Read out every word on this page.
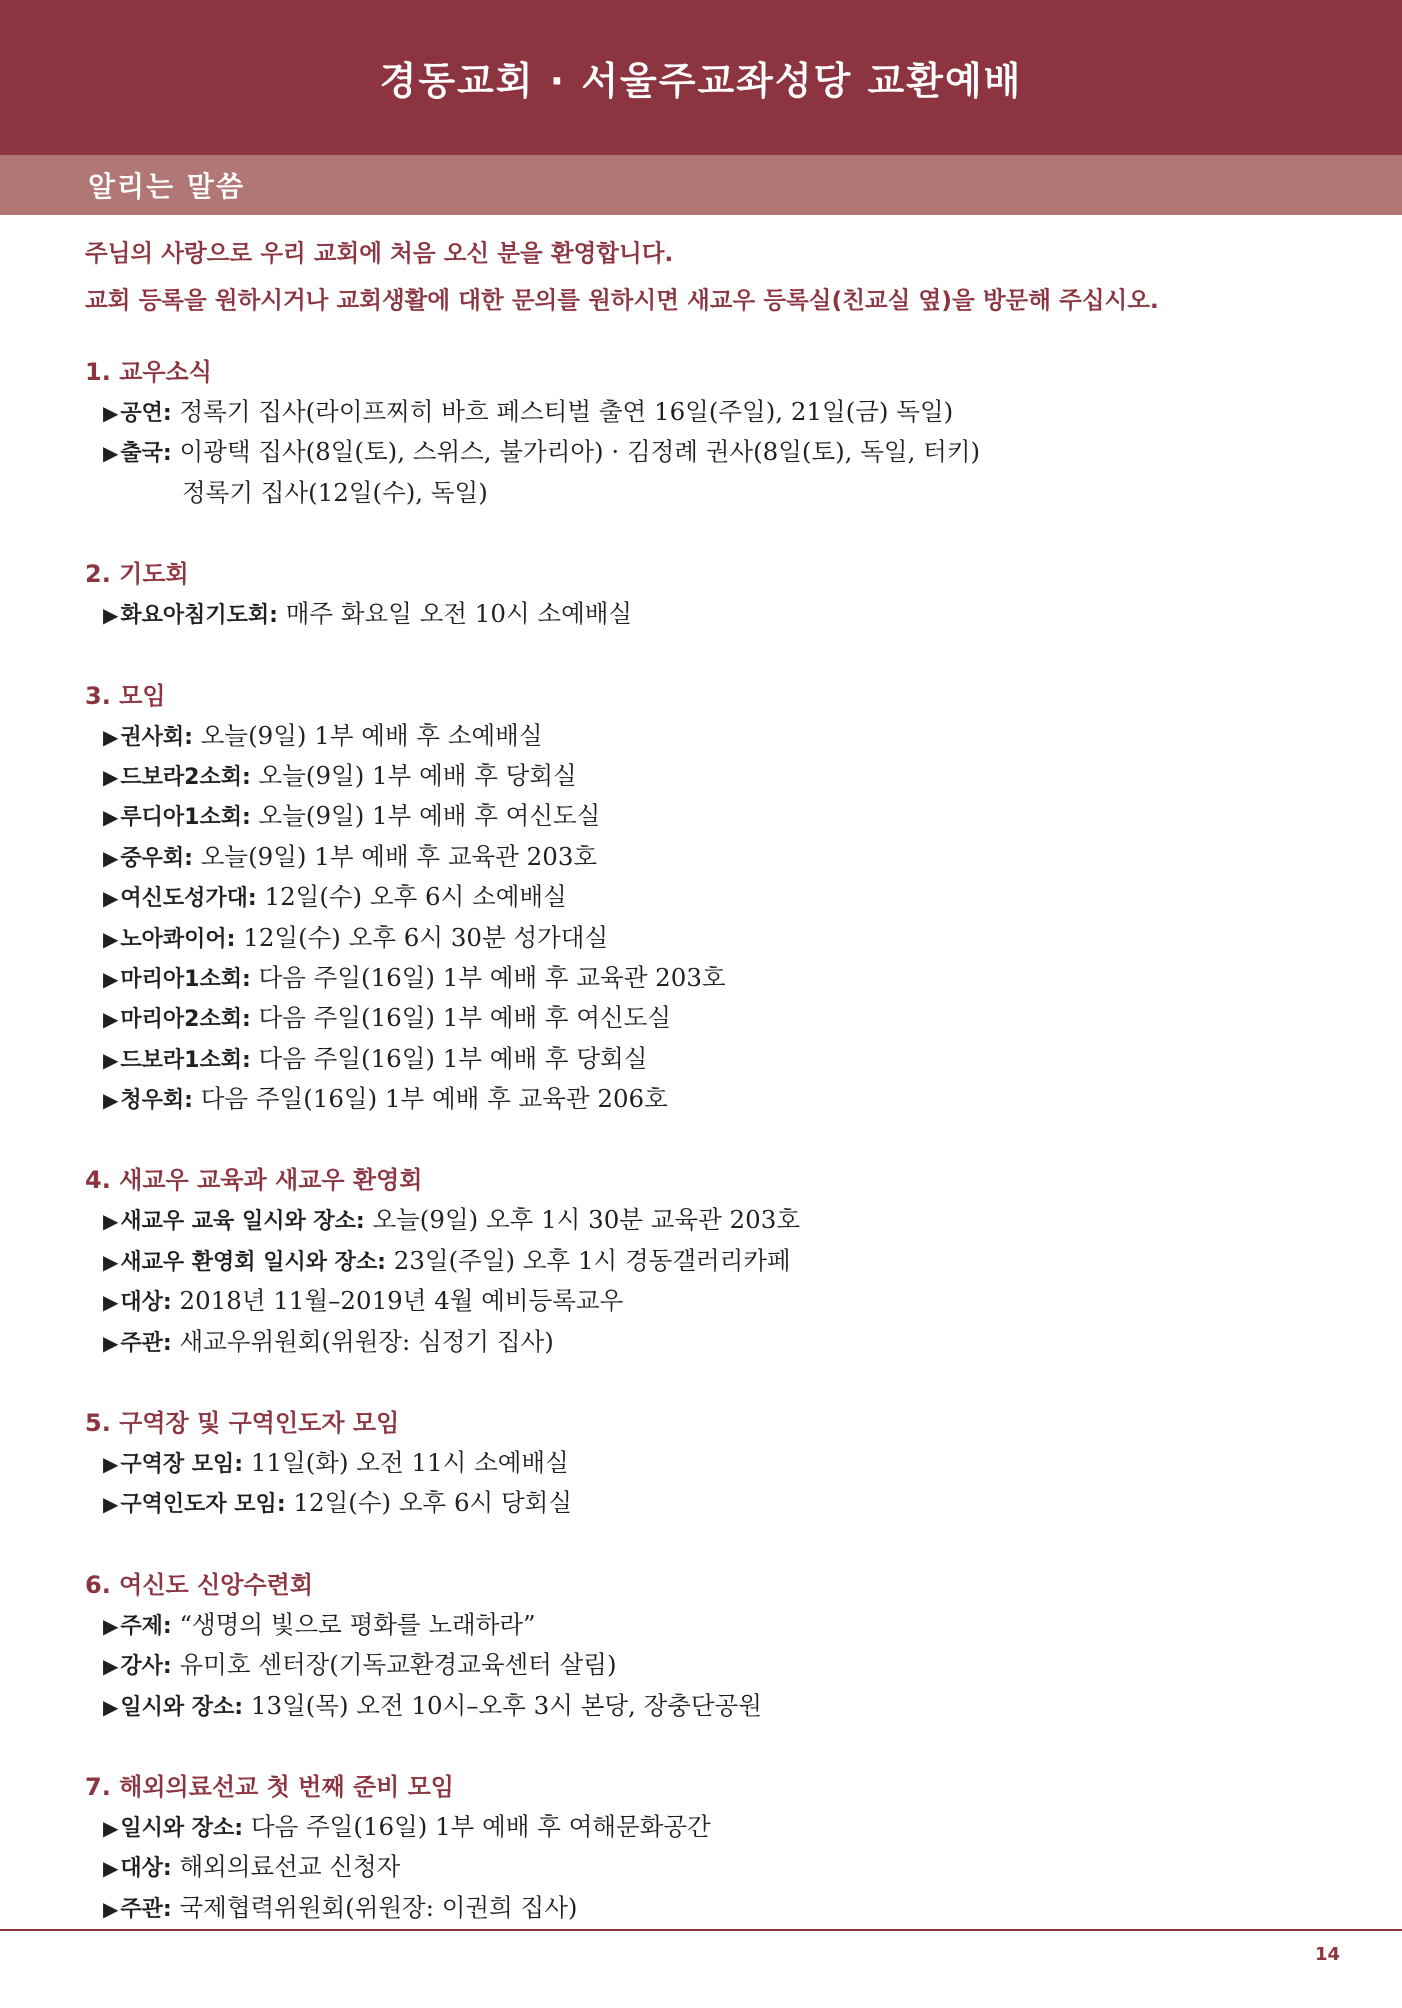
경동교회 · 서울주교좌성당 교환예배
알리는 말씀
주님의 사랑으로 우리 교회에 처음 오신 분을 환영합니다.
교회 등록을 원하시거나 교회생활에 대한 문의를 원하시면 새교우 등록실(친교실 옆)을 방문해 주십시오.
1. 교우소식
▶공연: 정록기 집사(라이프찌히 바흐 페스티벌 출연 16일(주일), 21일(금) 독일)
▶출국: 이광택 집사(8일(토), 스위스, 불가리아) · 김정례 권사(8일(토), 독일, 터키)
정록기 집사(12일(수), 독일)
2. 기도회
▶화요아침기도회: 매주 화요일 오전 10시 소예배실
3. 모임
▶권사회: 오늘(9일) 1부 예배 후 소예배실
▶드보라2소회: 오늘(9일) 1부 예배 후 당회실
▶루디아1소회: 오늘(9일) 1부 예배 후 여신도실
▶중우회: 오늘(9일) 1부 예배 후 교육관 203호
▶여신도성가대: 12일(수) 오후 6시 소예배실
▶노아콰이어: 12일(수) 오후 6시 30분 성가대실
▶마리아1소회: 다음 주일(16일) 1부 예배 후 교육관 203호
▶마리아2소회: 다음 주일(16일) 1부 예배 후 여신도실
▶드보라1소회: 다음 주일(16일) 1부 예배 후 당회실
▶청우회: 다음 주일(16일) 1부 예배 후 교육관 206호
4. 새교우 교육과 새교우 환영회
▶새교우 교육 일시와 장소: 오늘(9일) 오후 1시 30분 교육관 203호
▶새교우 환영회 일시와 장소: 23일(주일) 오후 1시 경동갤러리카페
▶대상: 2018년 11월–2019년 4월 예비등록교우
▶주관: 새교우위원회(위원장: 심정기 집사)
5. 구역장 및 구역인도자 모임
▶구역장 모임: 11일(화) 오전 11시 소예배실
▶구역인도자 모임: 12일(수) 오후 6시 당회실
6. 여신도 신앙수련회
▶주제: “생명의 빛으로 평화를 노래하라”
▶강사: 유미호 센터장(기독교환경교육센터 살림)
▶일시와 장소: 13일(목) 오전 10시–오후 3시 본당, 장충단공원
7. 해외의료선교 첫 번째 준비 모임
▶일시와 장소: 다음 주일(16일) 1부 예배 후 여해문화공간
▶대상: 해외의료선교 신청자
▶주관: 국제협력위원회(위원장: 이권희 집사)
14
